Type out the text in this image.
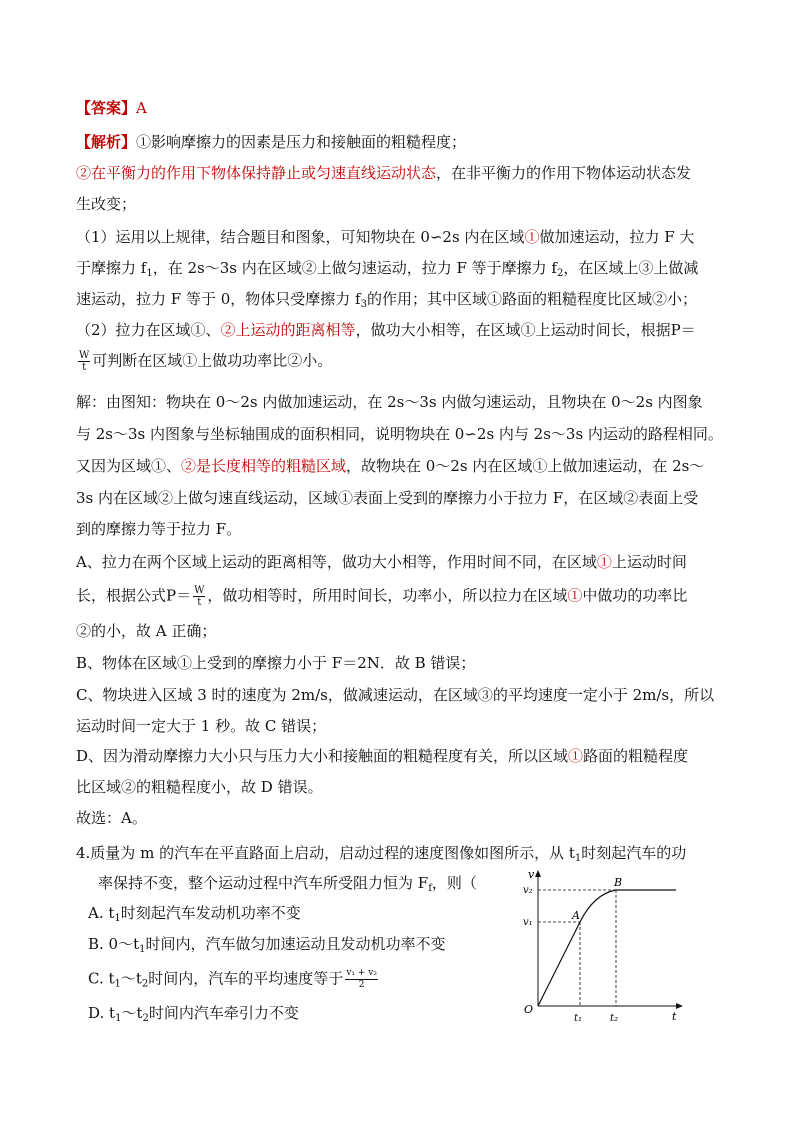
【答案】A
【解析】①影响摩擦力的因素是压力和接触面的粗糙程度；
②在平衡力的作用下物体保持静止或匀速直线运动状态，在非平衡力的作用下物体运动状态发
生改变；
（1）运用以上规律，结合题目和图象，可知物块在 0∽2s 内在区域①做加速运动，拉力 F 大
于摩擦力 $f_1$，在 2s～3s 内在区域②上做匀速运动，拉力 F 等于摩擦力 $f_2$，在区域上③上做减
速运动，拉力 F 等于 0，物体只受摩擦力 $f_3$的作用；其中区域①路面的粗糙程度比区域②小；
（2）拉力在区域①、②上运动的距离相等，做功大小相等，在区域①上运动时间长，根据P＝
$\frac{W}{t}$ 可判断在区域①上做功功率比②小。
解：由图知：物块在 0～2s 内做加速运动，在 2s～3s 内做匀速运动，且物块在 0～2s 内图象
与 2s～3s 内图象与坐标轴围成的面积相同，说明物块在 0∽2s 内与 2s～3s 内运动的路程相同。
又因为区域①、②是长度相等的粗糙区域，故物块在 0～2s 内在区域①上做加速运动，在 2s～
3s 内在区域②上做匀速直线运动，区域①表面上受到的摩擦力小于拉力 F，在区域②表面上受
到的摩擦力等于拉力 F。
A、拉力在两个区域上运动的距离相等，做功大小相等，作用时间不同，在区域①上运动时间
长，根据公式$P= \frac{W}{t}$ ，做功相等时，所用时间长，功率小，所以拉力在区域①中做功的功率比
②的小，故 A 正确；
B、物体在区域①上受到的摩擦力小于 F＝2N．故 B 错误；
C、物块进入区域 3 时的速度为 2m/s，做减速运动，在区域③的平均速度一定小于 2m/s，所以
运动时间一定大于 1 秒。故 C 错误；
D、因为滑动摩擦力大小只与压力大小和接触面的粗糙程度有关，所以区域①路面的粗糙程度
比区域②的粗糙程度小，故 D 错误。
故选：A。
4.质量为 m 的汽车在平直路面上启动，启动过程的速度图像如图所示，从 $t_1$时刻起汽车的功
率保持不变，整个运动过程中汽车所受阻力恒为 $F_f$，则（
A. $t_1$时刻起汽车发动机功率不变
B. $0\sim t_1$时间内，汽车做匀加速运动且发动机功率不变
C. $t_1\sim t_2$时间内，汽车的平均速度等于 $\frac{\text{v₁ + v₂}}{2}$
D. $t_1\sim t_2$时间内汽车牵引力不变
v
t
O
v₂
v₁
A
B
t₁	t₂
